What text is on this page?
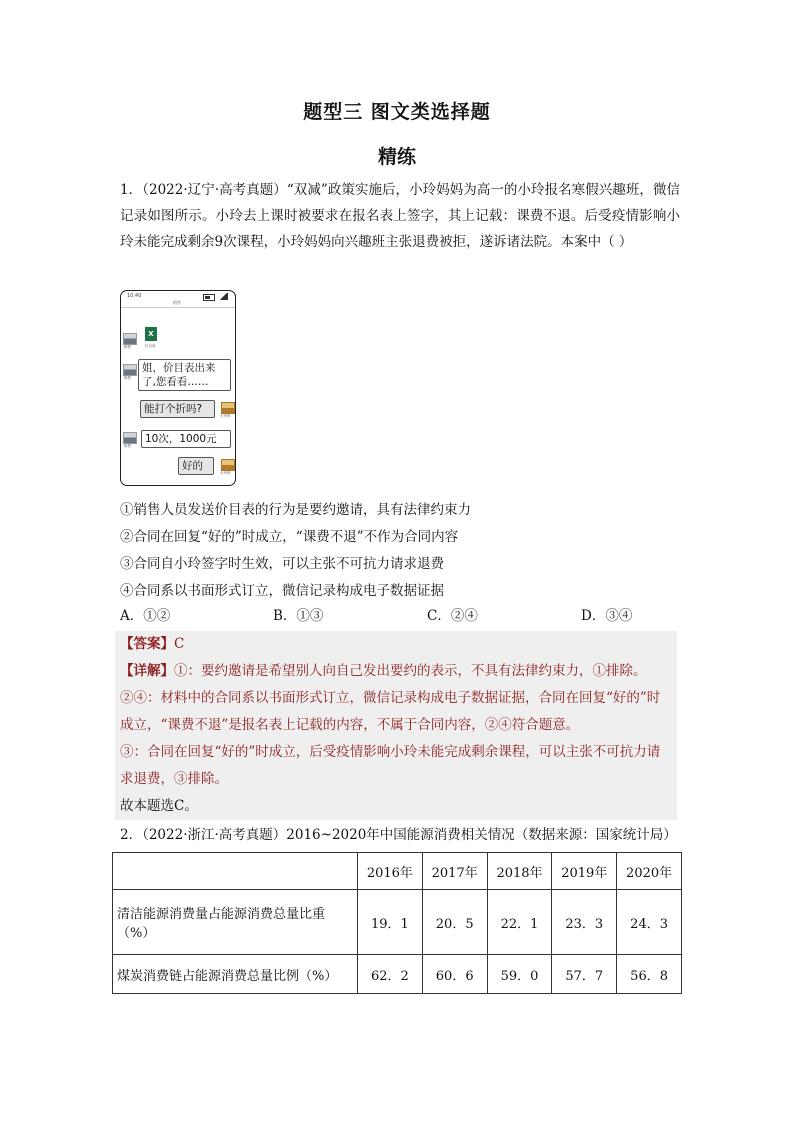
题型三 图文类选择题
精练
1．（2022·辽宁·高考真题）“双减”政策实施后，小玲妈妈为高一的小玲报名寒假兴趣班，微信记录如图所示。小玲去上课时被要求在报名表上签字，其上记载：课费不退。后受疫情影响小玲未能完成剩余9次课程，小玲妈妈向兴趣班主张退费被拒，遂诉诸法院。本案中（ ）
10:40
销售
销售
X
价目表
销售
姐，价目表出来了,您看看……
能打个折吗?
小玲妈
销售
10次，1000元
好的
小玲妈
①销售人员发送价目表的行为是要约邀请，具有法律约束力
②合同在回复“好的”时成立，“课费不退”不作为合同内容
③合同自小玲签字时生效，可以主张不可抗力请求退费
④合同系以书面形式订立，微信记录构成电子数据证据
A．①②	B．①③	C．②④	D．③④
【答案】C
【详解】①：要约邀请是希望别人向自己发出要约的表示，不具有法律约束力，①排除。
②④：材料中的合同系以书面形式订立，微信记录构成电子数据证据，合同在回复“好的”时成立，“课费不退”是报名表上记载的内容，不属于合同内容，②④符合题意。
③：合同在回复“好的”时成立，后受疫情影响小玲未能完成剩余课程，可以主张不可抗力请求退费，③排除。
故本题选C。
2．（2022·浙江·高考真题）2016~2020年中国能源消费相关情况（数据来源：国家统计局）
	2016年	2017年	2018年	2019年	2020年
清洁能源消费量占能源消费总量比重（%）	19．1	20．5	22．1	23．3	24．3
煤炭消费链占能源消费总量比例（%）	62．2	60．6	59．0	57．7	56．8
